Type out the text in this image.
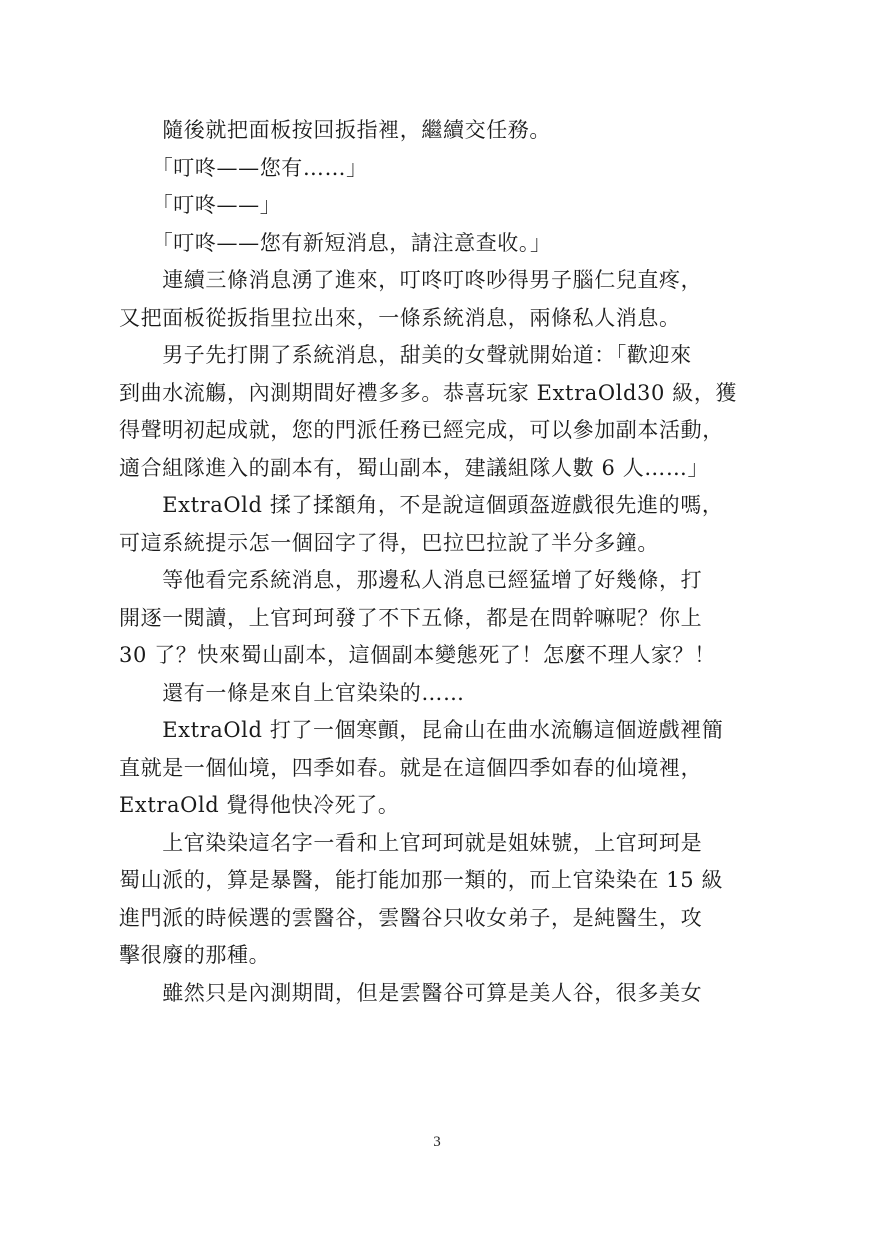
　　隨後就把面板按回扳指裡，繼續交任務。
　　「叮咚——您有……」
　　「叮咚——」
　　「叮咚——您有新短消息，請注意查收。」
　　連續三條消息湧了進來，叮咚叮咚吵得男子腦仁兒直疼，
又把面板從扳指里拉出來，一條系統消息，兩條私人消息。
　　男子先打開了系統消息，甜美的女聲就開始道：「歡迎來
到曲水流觴，內測期間好禮多多。恭喜玩家 ExtraOld30 級，獲
得聲明初起成就，您的門派任務已經完成，可以參加副本活動，
適合組隊進入的副本有，蜀山副本，建議組隊人數 6 人……」
　　ExtraOld 揉了揉額角，不是說這個頭盔遊戲很先進的嗎，
可這系統提示怎一個囧字了得，巴拉巴拉說了半分多鐘。
　　等他看完系統消息，那邊私人消息已經猛增了好幾條，打
開逐一閱讀，上官珂珂發了不下五條，都是在問幹嘛呢？你上
30 了？快來蜀山副本，這個副本變態死了！怎麼不理人家？！
　　還有一條是來自上官染染的……
　　ExtraOld 打了一個寒顫，昆侖山在曲水流觴這個遊戲裡簡
直就是一個仙境，四季如春。就是在這個四季如春的仙境裡，
ExtraOld 覺得他快冷死了。
　　上官染染這名字一看和上官珂珂就是姐妹號，上官珂珂是
蜀山派的，算是暴醫，能打能加那一類的，而上官染染在 15 級
進門派的時候選的雲醫谷，雲醫谷只收女弟子，是純醫生，攻
擊很廢的那種。
　　雖然只是內測期間，但是雲醫谷可算是美人谷，很多美女
3
